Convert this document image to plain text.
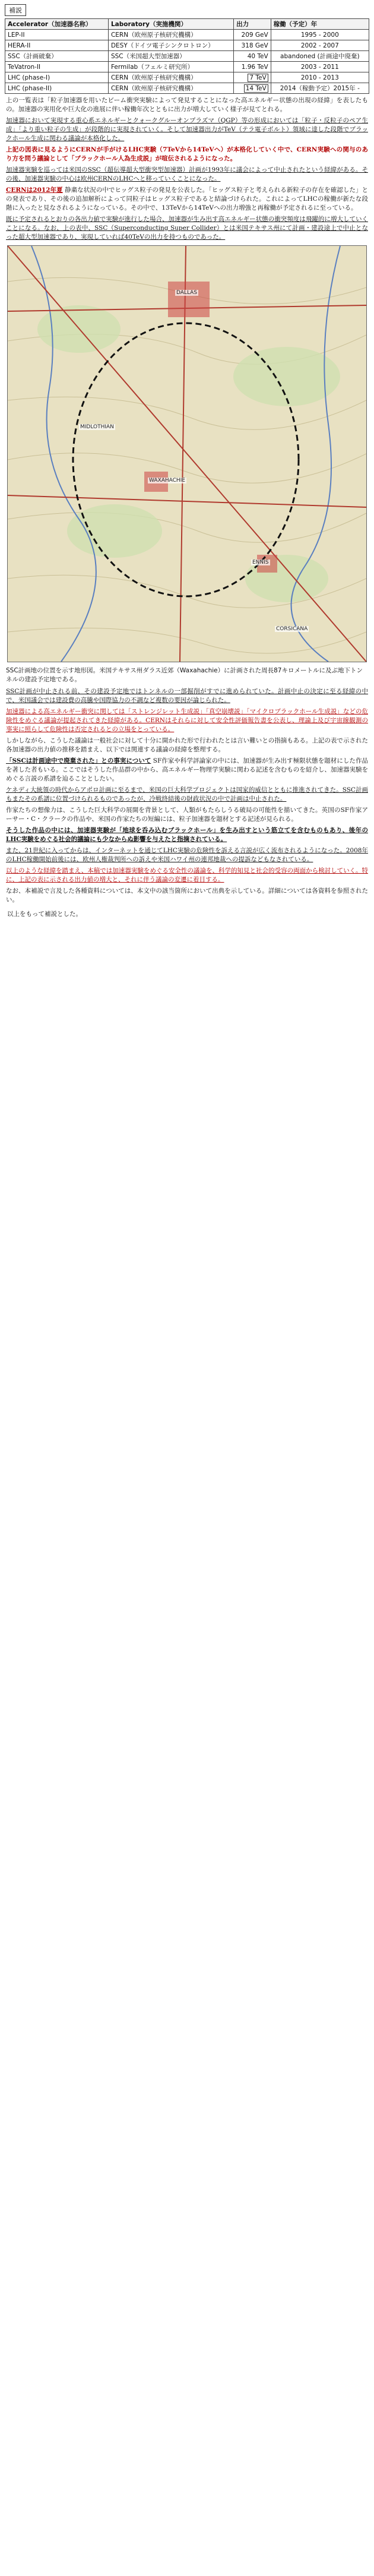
補説
Accelerator（加速器名称）	Laboratory（実施機関）	出力	稼働（予定）年
LEP-II	CERN（欧州原子核研究機構）	209 GeV	1995 - 2000
HERA-II	DESY（ドイツ電子シンクロトロン）	318 GeV	2002 - 2007
SSC（計画破棄）	SSC（米国超大型加速器）	40 TeV	abandoned (計画途中廃棄)
TeVatron-II	Fermilab（フェルミ研究所）	1.96 TeV	2003 - 2011
LHC (phase-I)	CERN（欧州原子核研究機構）	7 TeV	2010 - 2013
LHC (phase-II)	CERN（欧州原子核研究機構）	14 TeV	2014（稼動予定）2015年 -

上の一覧表は「粒子加速器を用いたビーム衝突実験によって発見することになった高エネルギー状態の出現の経緯」を表したもの。加速器の実用化や巨大化の進展に伴い稼働年次とともに出力が増大していく様子が見てとれる。

加速器において実現する重心系エネルギーとクォークグルーオンプラズマ（QGP）等の形成においては「粒子・反粒子のペア生成」「より重い粒子の生成」が段階的に実現されていく。そして加速器出力がTeV（テラ電子ボルト）領域に達した段階でブラックホール生成に関わる議論が本格化した。

上記の図表に見るようにCERNが手がけるLHC実験（7TeVから14TeVへ）が本格化していく中で、CERN実験への関与のあり方を問う議論として「ブラックホール人為生成説」が喧伝されるようになった。

加速器実験を巡っては米国のSSC（超伝導超大型衝突型加速器）計画が1993年に議会によって中止されたという経緯がある。その後、加速器実験の中心は欧州CERNのLHCへと移っていくことになった。

CERNは2012年夏 静粛な状況の中でヒッグス粒子の発見を公表した。「ヒッグス粒子と考えられる新粒子の存在を確認した」との発表であり、その後の追加解析によって同粒子はヒッグス粒子であると結論づけられた。これによってLHCの稼働が新たな段階に入ったと見なされるようになっている。その中で、13TeVから14TeVへの出力増強と再稼働が予定されるに至っている。

既に予定されるとおりの各出力値で実験が進行した場合、加速器が生み出す高エネルギー状態の衝突頻度は飛躍的に増大していくことになる。なお、上の表中、SSC（Superconducting Super Collider）とは米国テキサス州にて計画・建設途上で中止となった超大型加速器であり、実現していれば40TeVの出力を持つものであった。

DALLAS
WAXAHACHIE
ENNIS
MIDLOTHIAN
CORSICANA
SSC計画地の位置を示す地形図。米国テキサス州ダラス近郊（Waxahachie）に計画された周長87キロメートルに及ぶ地下トンネルの建設予定地である。

SSC計画が中止される前、その建設予定地ではトンネルの一部掘削がすでに進められていた。計画中止の決定に至る経緯の中で、米国議会では建設費の高騰や国際協力の不調など複数の要因が論じられた。

加速器による高エネルギー衝突に関しては「ストレンジレット生成説」「真空崩壊説」「マイクロブラックホール生成説」などの危険性をめぐる議論が提起されてきた経緯がある。CERNはそれらに対して安全性評価報告書を公表し、理論上及び宇宙線観測の事実に照らして危険性は否定されるとの立場をとっている。

しかしながら、こうした議論は一般社会に対して十分に開かれた形で行われたとは言い難いとの指摘もある。上記の表で示された各加速器の出力値の推移を踏まえ、以下では関連する議論の経緯を整理する。

「SSCは計画途中で廃棄された」との事実について SF作家や科学評論家の中には、加速器が生み出す極限状態を題材にした作品を著した者もいる。ここではそうした作品群の中から、高エネルギー物理学実験に関わる記述を含むものを紹介し、加速器実験をめぐる言説の系譜を辿ることとしたい。

ケネディ大統領の時代からアポロ計画に至るまで、米国の巨大科学プロジェクトは国家的威信とともに推進されてきた。SSC計画もまたその系譜に位置づけられるものであったが、冷戦終結後の財政状況の中で計画は中止された。

作家たちの想像力は、こうした巨大科学の展開を背景として、人類がもたらしうる破局の可能性を描いてきた。英国のSF作家アーサー・C・クラークの作品や、米国の作家たちの短編には、粒子加速器を題材とする記述が見られる。

そうした作品の中には、加速器実験が「地球を呑み込むブラックホール」を生み出すという筋立てを含むものもあり、後年のLHC実験をめぐる社会的議論にも少なからぬ影響を与えたと指摘されている。

また、21世紀に入ってからは、インターネットを通じてLHC実験の危険性を訴える言説が広く流布されるようになった。2008年のLHC稼働開始前後には、欧州人権裁判所への訴えや米国ハワイ州の連邦地裁への提訴などもなされている。

以上のような経緯を踏まえ、本稿では加速器実験をめぐる安全性の議論を、科学的知見と社会的受容の両面から検討していく。特に、上記の表に示される出力値の増大と、それに伴う議論の変遷に着目する。

なお、本補説で言及した各種資料については、本文中の該当箇所において出典を示している。詳細については各資料を参照されたい。

以上をもって補説とした。
